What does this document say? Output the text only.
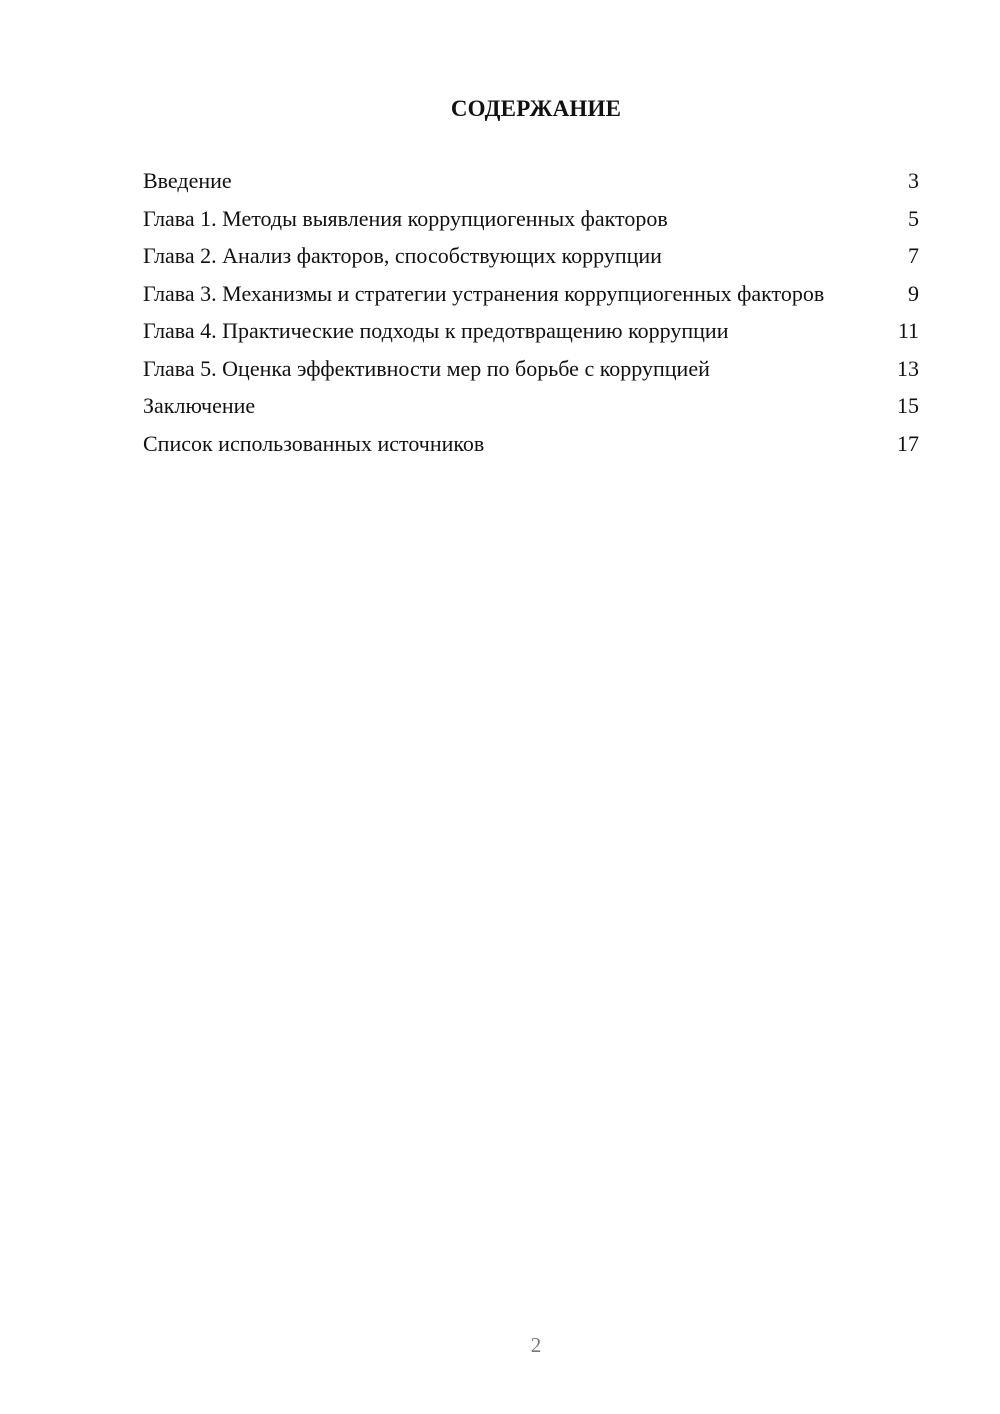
СОДЕРЖАНИЕ
Введение	3
Глава 1. Методы выявления коррупциогенных факторов	5
Глава 2. Анализ факторов, способствующих коррупции	7
Глава 3. Механизмы и стратегии устранения коррупциогенных факторов	9
Глава 4. Практические подходы к предотвращению коррупции	11
Глава 5. Оценка эффективности мер по борьбе с коррупцией	13
Заключение	15
Список использованных источников	17
2
